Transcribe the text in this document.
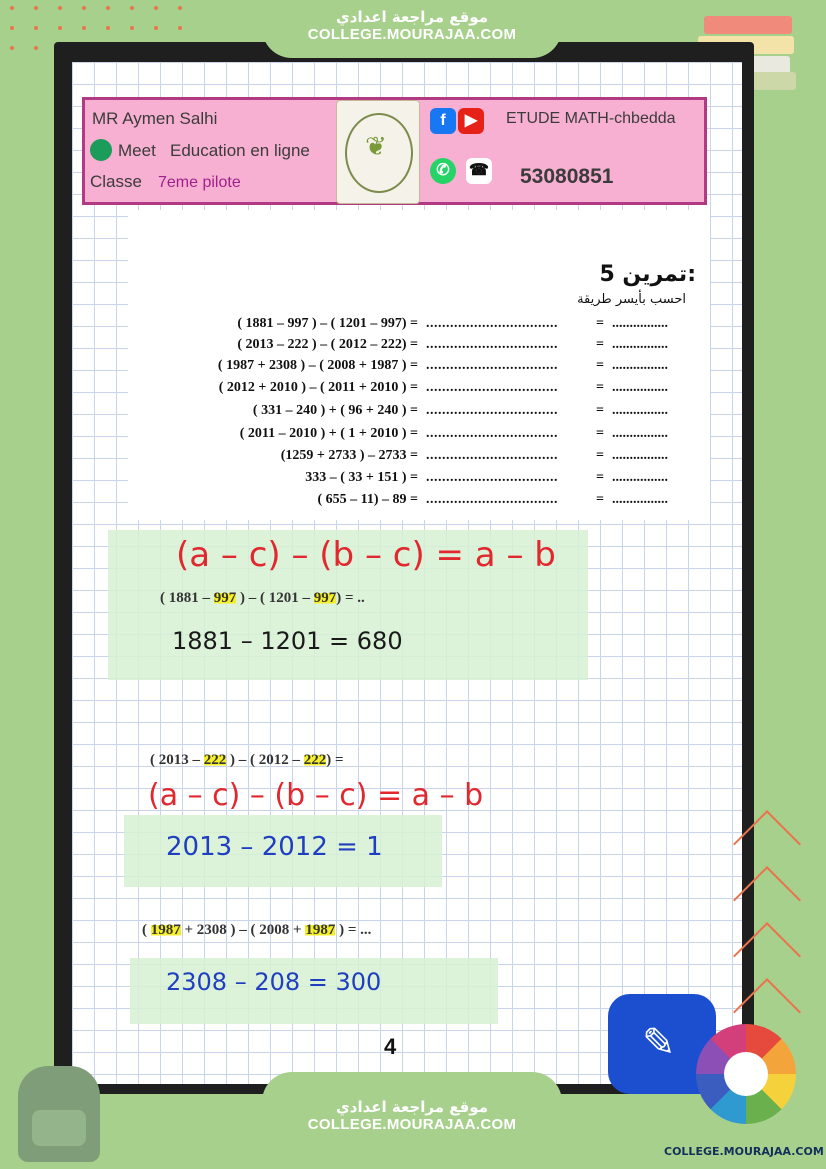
موقع مراجعة اعدادي
COLLEGE.MOURAJAA.COM
MR Aymen Salhi
Meet Education en ligne
Classe 7eme pilote
❦
f	▶
✆	☎
ETUDE MATH-chbedda
53080851
تمرين 5:
احسب بأيسر طريقة
( 1881 – 997 ) – ( 1201 – 997) = .................................	= ................
( 2013 – 222 ) – ( 2012 – 222) = .................................	= ................
( 1987 + 2308 ) – ( 2008 + 1987 ) = .................................	= ................
( 2012 + 2010 ) – ( 2011 + 2010 ) = .................................	= ................
( 331 – 240 ) + ( 96 + 240 ) = .................................	= ................
( 2011 – 2010 ) + ( 1 + 2010 ) = .................................	= ................
(1259 + 2733 ) – 2733 = .................................	= ................
333 – ( 33 + 151 ) = .................................	= ................
( 655 – 11) – 89 = .................................	= ................
(a – c) – (b – c) = a – b
( 1881 – 997 ) – ( 1201 – 997) = ..
1881 – 1201 = 680
( 2013 – 222 ) – ( 2012 – 222) =
(a – c) – (b – c) = a – b
2013 – 2012 = 1
( 1987 + 2308 ) – ( 2008 + 1987 ) = ...
2308 – 208 = 300
4	✎
موقع مراجعة اعدادي
COLLEGE.MOURAJAA.COM
COLLEGE.MOURAJAA.COM
